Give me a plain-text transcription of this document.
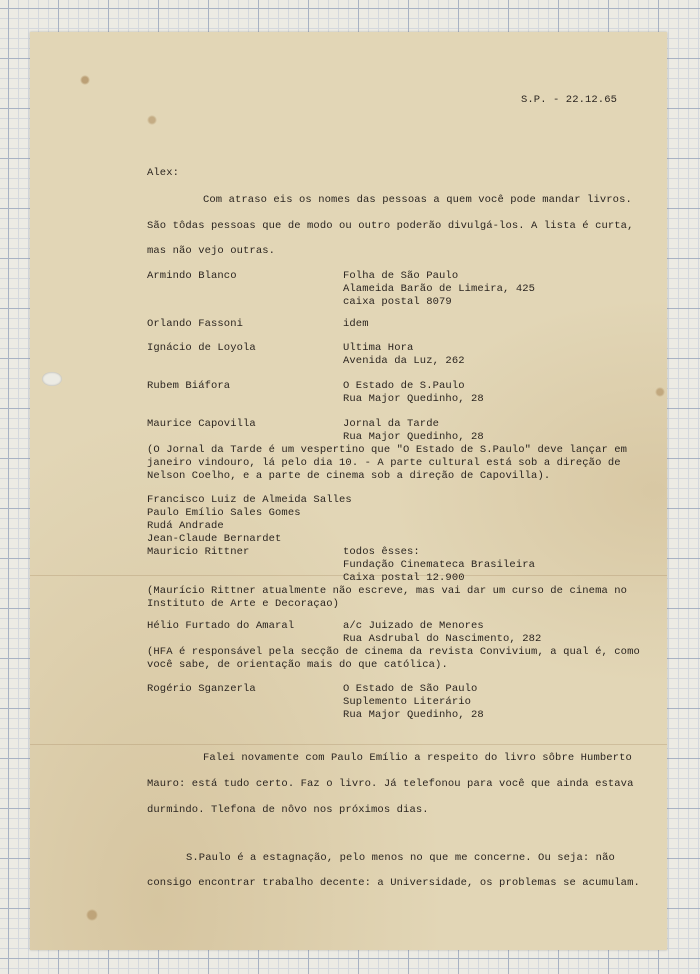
S.P. - 22.12.65
Alex:
Com atraso eis os nomes das pessoas a quem você pode mandar livros.
São tôdas pessoas que de modo ou outro poderão divulgá-los. A lista é curta,
mas não vejo outras.
Armindo Blanco	Folha de São Paulo
Alameida Barão de Limeira, 425
caixa postal 8079
Orlando Fassoni	idem
Ignácio de Loyola	Ultima Hora
Avenida da Luz, 262
Rubem Biáfora	O Estado de S.Paulo
Rua Major Quedinho, 28
Maurice Capovilla	Jornal da Tarde
Rua Major Quedinho, 28
(O Jornal da Tarde é um vespertino que "O Estado de S.Paulo" deve lançar em
janeiro vindouro, lá pelo dia 10. - A parte cultural está sob a direção de
Nelson Coelho, e a parte de cinema sob a direção de Capovilla).
Francisco Luiz de Almeida Salles
Paulo Emílio Sales Gomes
Rudá Andrade
Jean-Claude Bernardet
Mauricio Rittner	todos êsses:
Fundação Cinemateca Brasileira
Caixa postal 12.900
(Maurício Rittner atualmente não escreve, mas vai dar um curso de cinema no
Instituto de Arte e Decoraçao)
Hélio Furtado do Amaral	a/c Juizado de Menores
Rua Asdrubal do Nascimento, 282
(HFA é responsável pela secção de cinema da revista Convivium, a qual é, como
você sabe, de orientação mais do que católica).
Rogério Sganzerla	O Estado de São Paulo
Suplemento Literário
Rua Major Quedinho, 28
Falei novamente com Paulo Emílio a respeito do livro sôbre Humberto
Mauro: está tudo certo. Faz o livro. Já telefonou para você que ainda estava
durmindo. Tlefona de nôvo nos próximos dias.
S.Paulo é a estagnação, pelo menos no que me concerne. Ou seja: não
consigo encontrar trabalho decente: a Universidade, os problemas se acumulam.
